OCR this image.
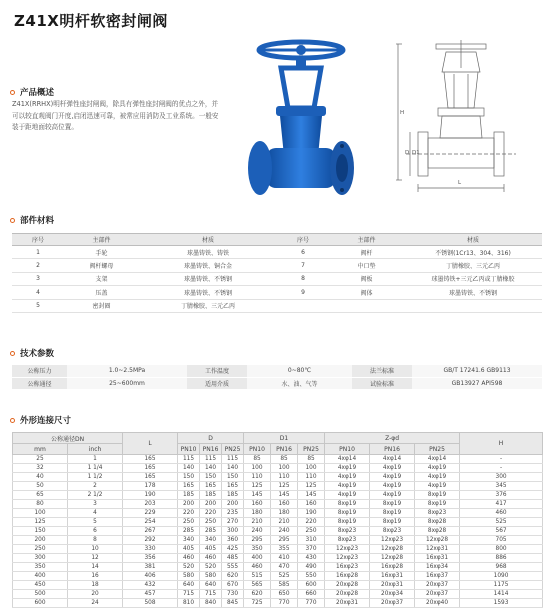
Z41X明杆软密封闸阀
产品概述
Z41X(RRHX)明杆弹性座封闸阀，除具有弹性座封闸阀的优点之外，并可以较直观阀门开度,启闭迅速可靠，被常应用消防及工业系统。一般安装于距地面较高位置。
H
D D1
L
部件材料
序号	主部件	材质	序号	主部件	材质
1	手轮	球墨铸铁、铸铁	6	阀杆	不锈钢(1Cr13、304、316)
2	阀杆螺母	球墨铸铁、铜合金	7	中口垫	丁腈橡胶、三元乙丙
3	支架	球墨铸铁、不锈钢	8	阀板	球墨铸铁+三元乙丙或丁腈橡胶
4	压盖	球墨铸铁、不锈钢	9	阀体	球墨铸铁、不锈钢
5	密封圈	丁腈橡胶、三元乙丙			
技术参数
公称压力	1.0~2.5MPa	工作温度	0~80℃	法兰标准	GB/T 17241.6 GB9113
公称通径	25~600mm	适用介质	水、油、气等	试验标准	GB13927 API598
外形连接尺寸
公称通径DN		L	D			D1			Z-φd			H
mm	inch											
			PN10	PN16	PN25	PN10	PN16	PN25	PN10	PN16	PN25	
25	1	165	115	115	115	85	85	85	4xφ14	4xφ14	4xφ14	-
32	1 1/4	165	140	140	140	100	100	100	4xφ19	4xφ19	4xφ19	-
40	1 1/2	165	150	150	150	110	110	110	4xφ19	4xφ19	4xφ19	300
50	2	178	165	165	165	125	125	125	4xφ19	4xφ19	4xφ19	345
65	2 1/2	190	185	185	185	145	145	145	4xφ19	4xφ19	8xφ19	376
80	3	203	200	200	200	160	160	160	8xφ19	8xφ19	8xφ19	417
100	4	229	220	220	235	180	180	190	8xφ19	8xφ19	8xφ23	460
125	5	254	250	250	270	210	210	220	8xφ19	8xφ19	8xφ28	525
150	6	267	285	285	300	240	240	250	8xφ23	8xφ23	8xφ28	567
200	8	292	340	340	360	295	295	310	8xφ23	12xφ23	12xφ28	705
250	10	330	405	405	425	350	355	370	12xφ23	12xφ28	12xφ31	800
300	12	356	460	460	485	400	410	430	12xφ23	12xφ28	16xφ31	886
350	14	381	520	520	555	460	470	490	16xφ23	16xφ28	16xφ34	968
400	16	406	580	580	620	515	525	550	16xφ28	16xφ31	16xφ37	1090
450	18	432	640	640	670	565	585	600	20xφ28	20xφ31	20xφ37	1175
500	20	457	715	715	730	620	650	660	20xφ28	20xφ34	20xφ37	1414
600	24	508	810	840	845	725	770	770	20xφ31	20xφ37	20xφ40	1593
